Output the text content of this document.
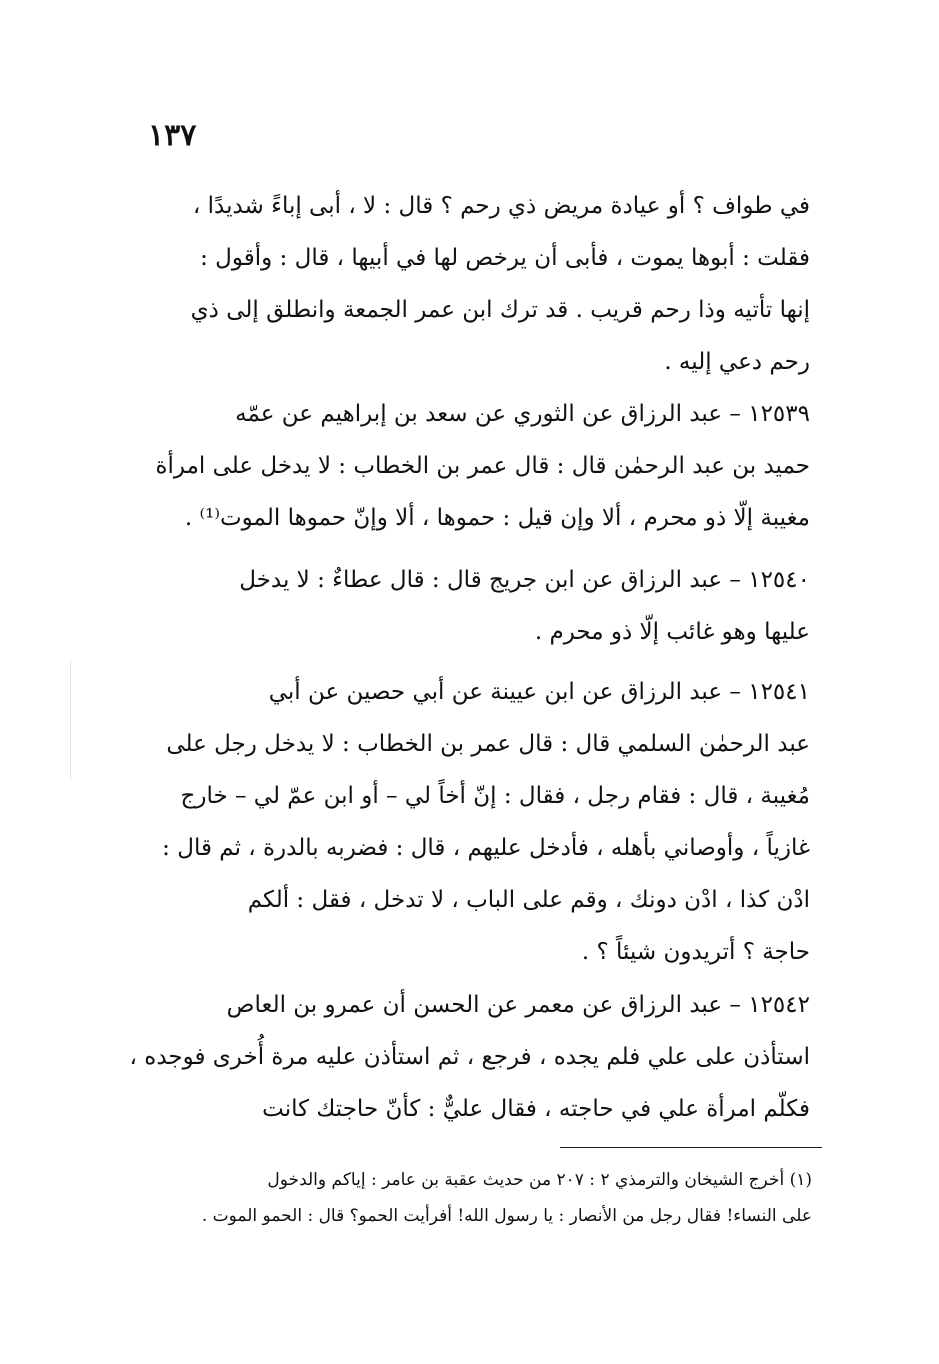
١٣٧

في طواف ؟ أو عيادة مريض ذي رحم ؟ قال : لا ، أبى إباءً شديدًا ،
فقلت : أبوها يموت ، فأبى أن يرخص لها في أبيها ، قال : وأقول :
إنها تأتيه وذا رحم قريب . قد ترك ابن عمر الجمعة وانطلق إلى ذي
رحم دعي إليه .

١٢٥٣٩ – عبد الرزاق عن الثوري عن سعد بن إبراهيم عن عمّه
حميد بن عبد الرحمٰن قال : قال عمر بن الخطاب : لا يدخل على امرأة
مغيبة إلّا ذو محرم ، ألا وإن قيل : حموها ، ألا وإنّ حموها الموت⁽¹⁾ .

١٢٥٤٠ – عبد الرزاق عن ابن جريج قال : قال عطاءٌ : لا يدخل
عليها وهو غائب إلّا ذو محرم .

١٢٥٤١ – عبد الرزاق عن ابن عيينة عن أبي حصين عن أبي
عبد الرحمٰن السلمي قال : قال عمر بن الخطاب : لا يدخل رجل على
مُغيبة ، قال : فقام رجل ، فقال : إنّ أخاً لي – أو ابن عمّ لي – خارج
غازياً ، وأوصاني بأهله ، فأدخل عليهم ، قال : فضربه بالدرة ، ثم قال :
ادْن كذا ، ادْن دونك ، وقم على الباب ، لا تدخل ، فقل : ألكم
حاجة ؟ أتريدون شيئاً ؟ .

١٢٥٤٢ – عبد الرزاق عن معمر عن الحسن أن عمرو بن العاص
استأذن على علي فلم يجده ، فرجع ، ثم استأذن عليه مرة أُخرى فوجده ،
فكلّم امرأة علي في حاجته ، فقال عليٌّ : كأنّ حاجتك كانت

(١) أخرج الشيخان والترمذي ٢ : ٢٠٧ من حديث عقبة بن عامر : إياكم والدخول
على النساء! فقال رجل من الأنصار : يا رسول الله! أفرأيت الحمو؟ قال : الحمو الموت .
